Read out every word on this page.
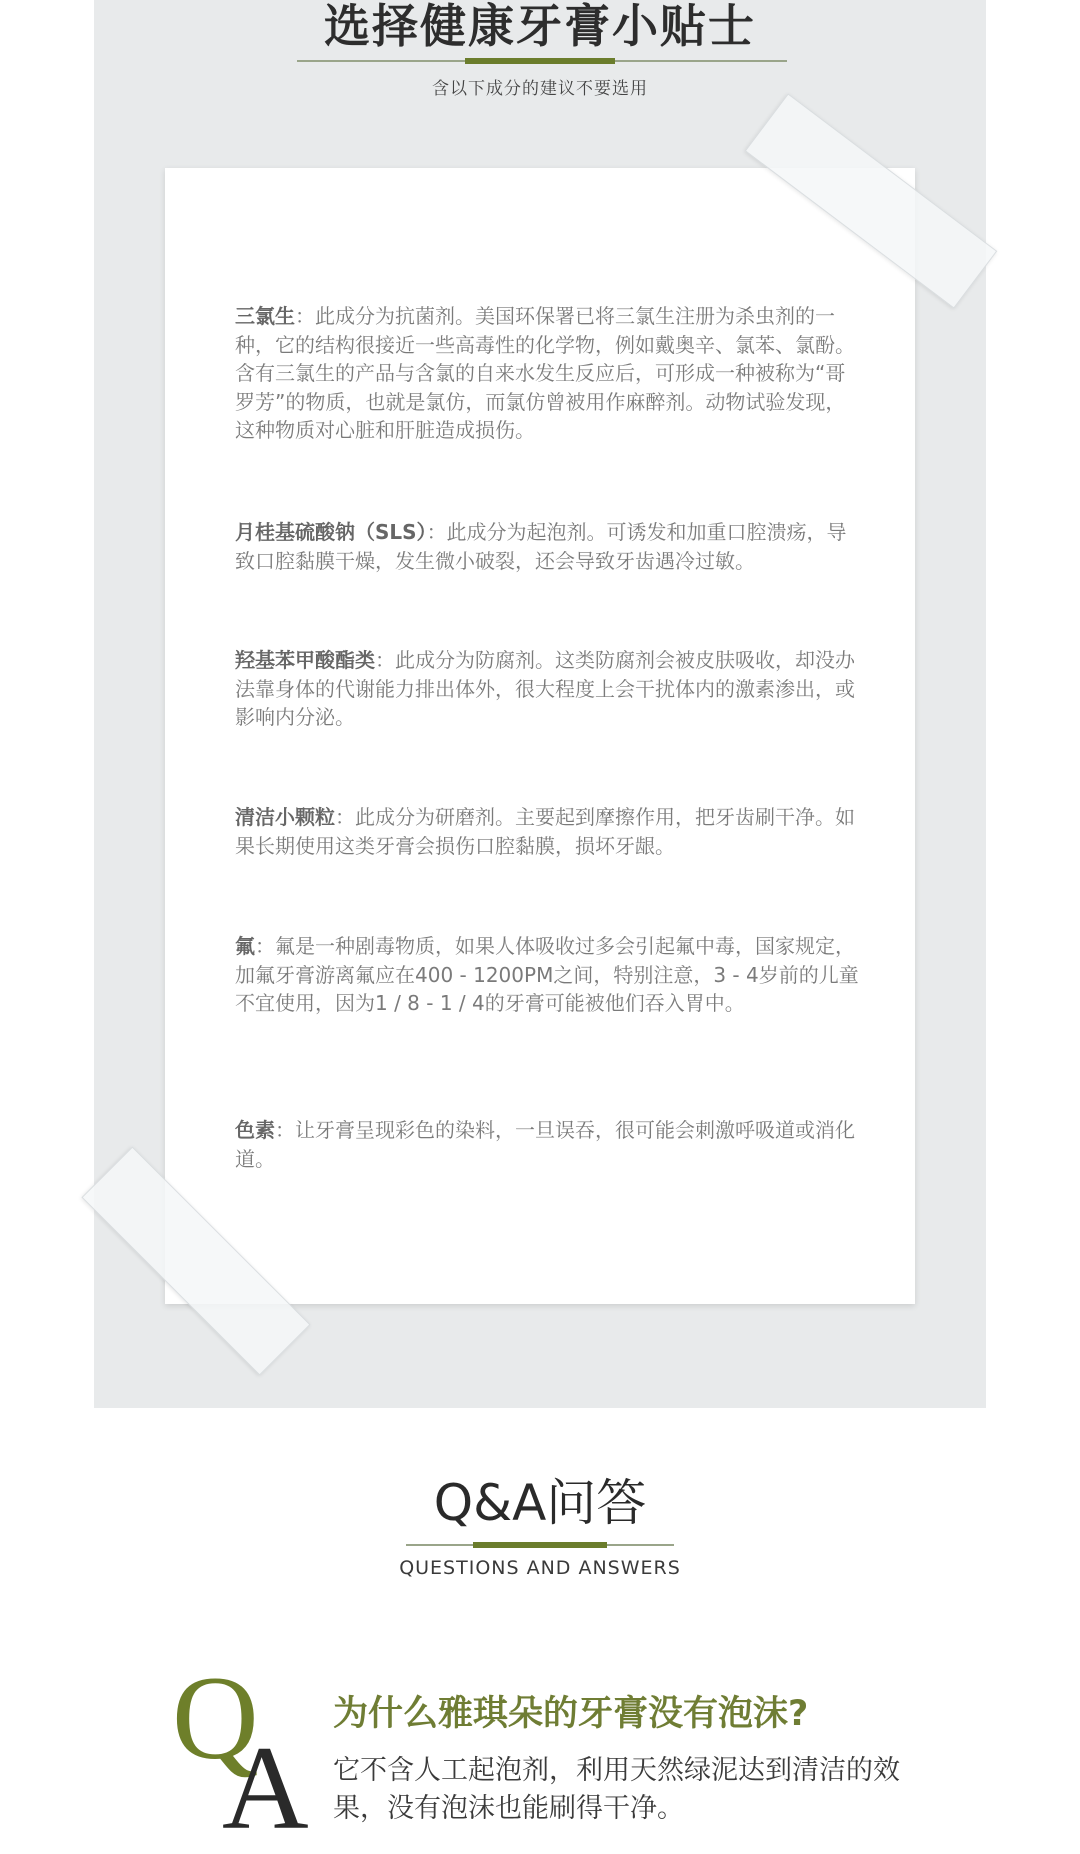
选择健康牙膏小贴士
含以下成分的建议不要选用
三氯生：此成分为抗菌剂。美国环保署已将三氯生注册为杀虫剂的一种，它的结构很接近一些高毒性的化学物，例如戴奥辛、氯苯、氯酚。含有三氯生的产品与含氯的自来水发生反应后，可形成一种被称为“哥罗芳”的物质，也就是氯仿，而氯仿曾被用作麻醉剂。动物试验发现，这种物质对心脏和肝脏造成损伤。
月桂基硫酸钠（SLS）：此成分为起泡剂。可诱发和加重口腔溃疡，导致口腔黏膜干燥，发生微小破裂，还会导致牙齿遇冷过敏。
羟基苯甲酸酯类：此成分为防腐剂。这类防腐剂会被皮肤吸收，却没办法靠身体的代谢能力排出体外，很大程度上会干扰体内的激素渗出，或影响内分泌。
清洁小颗粒：此成分为研磨剂。主要起到摩擦作用，把牙齿刷干净。如果长期使用这类牙膏会损伤口腔黏膜，损坏牙龈。
氟：氟是一种剧毒物质，如果人体吸收过多会引起氟中毒，国家规定，加氟牙膏游离氟应在400 - 1200PM之间，特别注意，3 - 4岁前的儿童不宜使用，因为1 / 8 - 1 / 4的牙膏可能被他们吞入胃中。
色素：让牙膏呈现彩色的染料，一旦误吞，很可能会刺激呼吸道或消化道。
Q&A问答
QUESTIONS AND ANSWERS
Q
A
为什么雅琪朵的牙膏没有泡沫?
它不含人工起泡剂，利用天然绿泥达到清洁的效果，没有泡沫也能刷得干净。
